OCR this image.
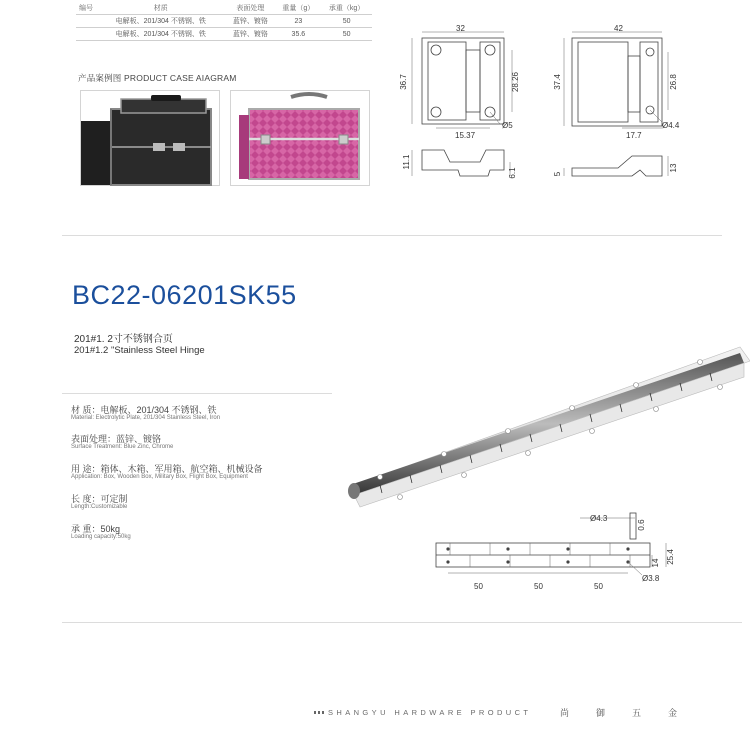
编号	材质	表面处理	重量（g）	承重（kg）
	电解板、201/304 不锈钢、铁	蓝锌、镀铬	23	50
	电解板、201/304 不锈钢、铁	蓝锌、镀铬	35.6	50
产品案例图 PRODUCT CASE AIAGRAM
32
36.7	28.26
15.37
Ø5
11.1
6.1
42
37.4	26.8
17.7
Ø4.4
5
13
BC22-06201SK55
201#1. 2寸不锈钢合页
201#1.2 "Stainless Steel Hinge
材 质：电解板、201/304 不锈钢、铁
Material: Electrolytic Plate, 201/304 Stainless Steel, Iron
表面处理：蓝锌、镀铬
Surface Treatment: Blue Zinc, Chrome
用 途：箱体、木箱、军用箱、航空箱、机械设备
Application: Box, Wooden Box, Military Box, Flight Box, Equipment
长 度：可定制
Length:Customizable
承 重：50kg
Loading capacity:50kg
Ø4.3
0.6
14 25.4
Ø3.8
50	50	50
SHANGYU HARDWARE PRODUCT	尚	御	五	金
